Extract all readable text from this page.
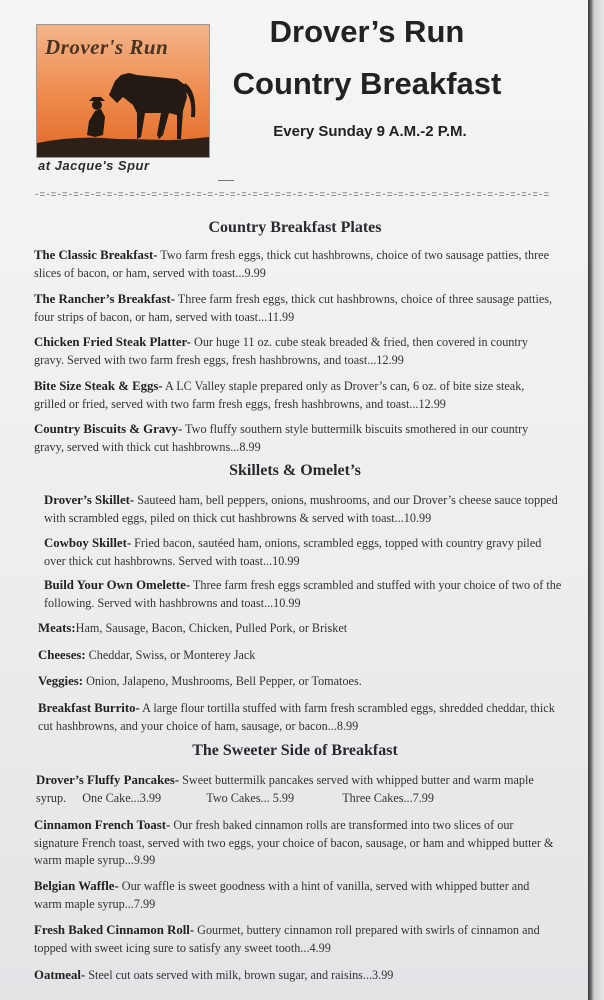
Drover's Run
at Jacque's Spur
Drover’s Run
Country Breakfast
Every Sunday 9 A.M.-2 P.M.
-=-=-=-=-=-=-=-=-=-=-=-=-=-=-=-=-=-=-=-=-=-=-=-=-=-=-=-=-=-=-=-=-=-=-=-=-=-=-=-=-=-=-=-=-=-=
Country Breakfast Plates
The Classic Breakfast- Two farm fresh eggs, thick cut hashbrowns, choice of two sausage patties, three slices of bacon, or ham, served with toast...9.99
The Rancher’s Breakfast- Three farm fresh eggs, thick cut hashbrowns, choice of three sausage patties, four strips of bacon, or ham, served with toast...11.99
Chicken Fried Steak Platter- Our huge 11 oz. cube steak breaded & fried, then covered in country gravy. Served with two farm fresh eggs, fresh hashbrowns, and toast...12.99
Bite Size Steak & Eggs- A LC Valley staple prepared only as Drover’s can, 6 oz. of bite size steak, grilled or fried, served with two farm fresh eggs, fresh hashbrowns, and toast...12.99
Country Biscuits & Gravy- Two fluffy southern style buttermilk biscuits smothered in our country gravy, served with thick cut hashbrowns...8.99
Skillets & Omelet’s
Drover’s Skillet- Sauteed ham, bell peppers, onions, mushrooms, and our Drover’s cheese sauce topped with scrambled eggs, piled on thick cut hashbrowns & served with toast...10.99
Cowboy Skillet- Fried bacon, sautéed ham, onions, scrambled eggs, topped with country gravy piled over thick cut hashbrowns. Served with toast...10.99
Build Your Own Omelette- Three farm fresh eggs scrambled and stuffed with your choice of two of the following. Served with hashbrowns and toast...10.99
Meats:Ham, Sausage, Bacon, Chicken, Pulled Pork, or Brisket
Cheeses: Cheddar, Swiss, or Monterey Jack
Veggies: Onion, Jalapeno, Mushrooms, Bell Pepper, or Tomatoes.
Breakfast Burrito- A large flour tortilla stuffed with farm fresh scrambled eggs, shredded cheddar, thick cut hashbrowns, and your choice of ham, sausage, or bacon...8.99
The Sweeter Side of Breakfast
Drover’s Fluffy Pancakes- Sweet buttermilk pancakes served with whipped butter and warm maple syrup. One Cake...3.99	Two Cakes... 5.99	Three Cakes...7.99
Cinnamon French Toast- Our fresh baked cinnamon rolls are transformed into two slices of our signature French toast, served with two eggs, your choice of bacon, sausage, or ham and whipped butter & warm maple syrup...9.99
Belgian Waffle- Our waffle is sweet goodness with a hint of vanilla, served with whipped butter and warm maple syrup...7.99
Fresh Baked Cinnamon Roll- Gourmet, buttery cinnamon roll prepared with swirls of cinnamon and topped with sweet icing sure to satisfy any sweet tooth...4.99
Oatmeal- Steel cut oats served with milk, brown sugar, and raisins...3.99
